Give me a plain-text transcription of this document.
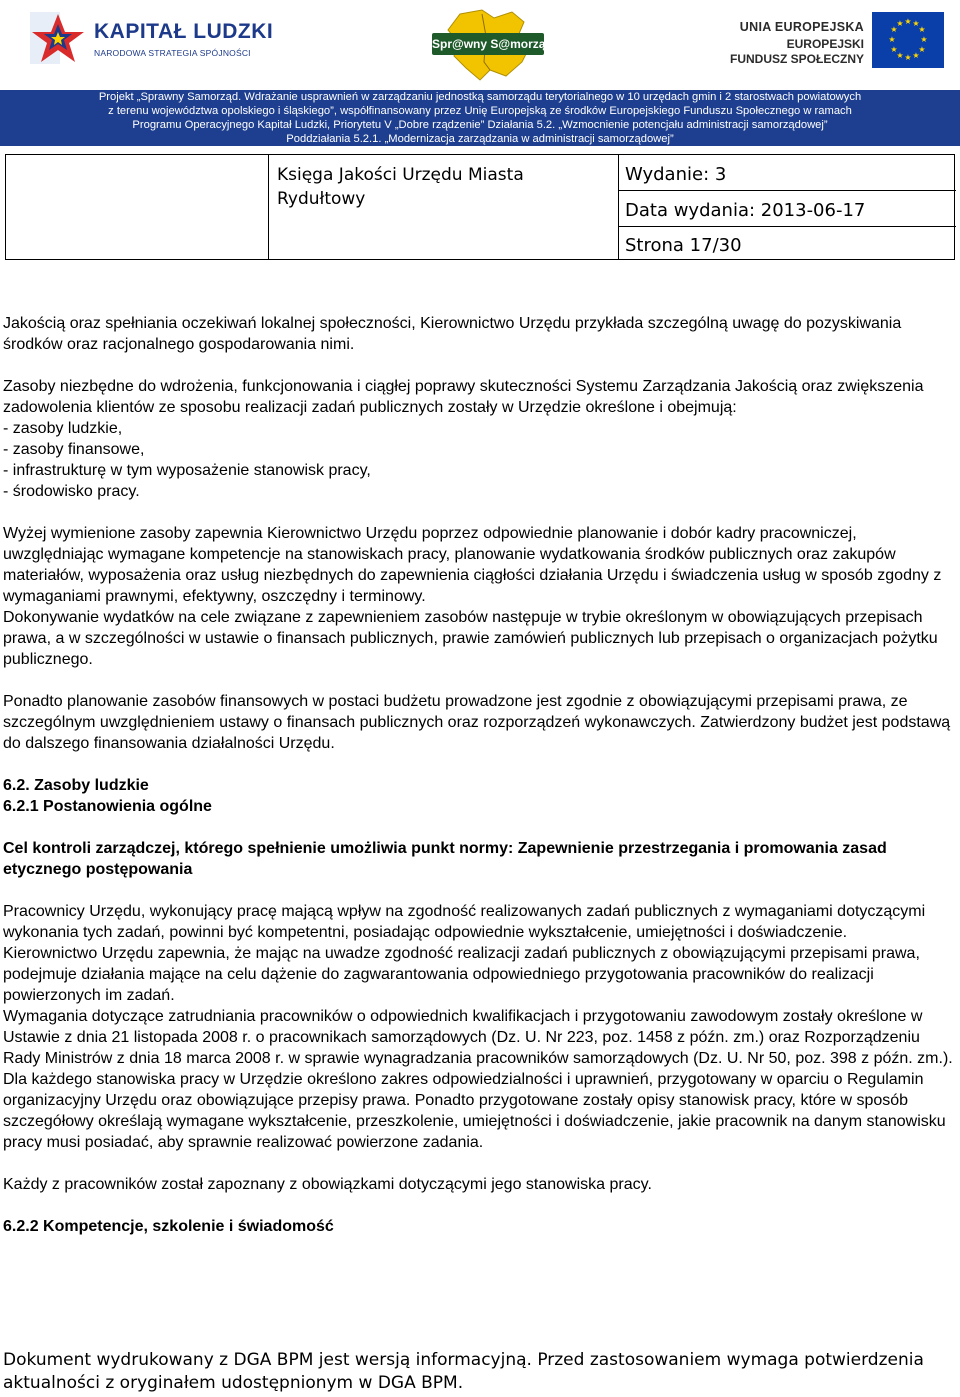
KAPITAŁ LUDZKI
NARODOWA STRATEGIA SPÓJNOŚCI
Spr@wny S@morząd
UNIA EUROPEJSKA
EUROPEJSKI
FUNDUSZ SPOŁECZNY
★ ★
★
★
★
★
★
★
★
★
★
★
Projekt „Sprawny Samorząd. Wdrażanie usprawnień w zarządzaniu jednostką samorządu terytorialnego w 10 urzędach gmin i 2 starostwach powiatowych
z terenu województwa opolskiego i śląskiego”, współfinansowany przez Unię Europejską ze środków Europejskiego Funduszu Społecznego w ramach
Programu Operacyjnego Kapitał Ludzki, Priorytetu V „Dobre rządzenie” Działania 5.2. „Wzmocnienie potencjału administracji samorządowej”
Poddziałania 5.2.1. „Modernizacja zarządzania w administracji samorządowej”
Księga Jakości Urzędu Miasta Rydułtowy
Wydanie: 3
Data wydania: 2013-06-17
Strona 17/30

Jakością oraz spełniania oczekiwań lokalnej społeczności, Kierownictwo Urzędu przykłada szczególną uwagę do pozyskiwania środków oraz racjonalnego gospodarowania nimi.

Zasoby niezbędne do wdrożenia, funkcjonowania i ciągłej poprawy skuteczności Systemu Zarządzania Jakością oraz zwiększenia zadowolenia klientów ze sposobu realizacji zadań publicznych zostały w Urzędzie określone i obejmują:

- zasoby ludzkie,
- zasoby finansowe,
- infrastrukturę w tym wyposażenie stanowisk pracy,
- środowisko pracy.

Wyżej wymienione zasoby zapewnia Kierownictwo Urzędu poprzez odpowiednie planowanie i dobór kadry pracowniczej, uwzględniając wymagane kompetencje na stanowiskach pracy, planowanie wydatkowania środków publicznych oraz zakupów materiałów, wyposażenia oraz usług niezbędnych do zapewnienia ciągłości działania Urzędu i świadczenia usług w sposób zgodny z wymaganiami prawnymi, efektywny, oszczędny i terminowy.

Dokonywanie wydatków na cele związane z zapewnieniem zasobów następuje w trybie określonym w obowiązujących przepisach prawa, a w szczególności w ustawie o finansach publicznych, prawie zamówień publicznych lub przepisach o organizacjach pożytku publicznego.

Ponadto planowanie zasobów finansowych w postaci budżetu prowadzone jest zgodnie z obowiązującymi przepisami prawa, ze szczególnym uwzględnieniem ustawy o finansach publicznych oraz rozporządzeń wykonawczych. Zatwierdzony budżet jest podstawą do dalszego finansowania działalności Urzędu.

6.2. Zasoby ludzkie

6.2.1 Postanowienia ogólne

Cel kontroli zarządczej, którego spełnienie umożliwia punkt normy: Zapewnienie przestrzegania i promowania zasad etycznego postępowania

Pracownicy Urzędu, wykonujący pracę mającą wpływ na zgodność realizowanych zadań publicznych z wymaganiami dotyczącymi wykonania tych zadań, powinni być kompetentni, posiadając odpowiednie wykształcenie, umiejętności i doświadczenie.

Kierownictwo Urzędu zapewnia, że mając na uwadze zgodność realizacji zadań publicznych z obowiązującymi przepisami prawa, podejmuje działania mające na celu dążenie do zagwarantowania odpowiedniego przygotowania pracowników do realizacji powierzonych im zadań.

Wymagania dotyczące zatrudniania pracowników o odpowiednich kwalifikacjach i przygotowaniu zawodowym zostały określone w Ustawie z dnia 21 listopada 2008 r. o pracownikach samorządowych (Dz. U. Nr 223, poz. 1458 z późn. zm.) oraz Rozporządzeniu Rady Ministrów z dnia 18 marca 2008 r. w sprawie wynagradzania pracowników samorządowych (Dz. U. Nr 50, poz. 398 z późn. zm.).

Dla każdego stanowiska pracy w Urzędzie określono zakres odpowiedzialności i uprawnień, przygotowany w oparciu o Regulamin organizacyjny Urzędu oraz obowiązujące przepisy prawa. Ponadto przygotowane zostały opisy stanowisk pracy, które w sposób szczegółowy określają wymagane wykształcenie, przeszkolenie, umiejętności i doświadczenie, jakie pracownik na danym stanowisku pracy musi posiadać, aby sprawnie realizować powierzone zadania.

Każdy z pracowników został zapoznany z obowiązkami dotyczącymi jego stanowiska pracy.

6.2.2 Kompetencje, szkolenie i świadomość

Dokument wydrukowany z DGA BPM jest wersją informacyjną. Przed zastosowaniem wymaga potwierdzenia aktualności z oryginałem udostępnionym w DGA BPM.
